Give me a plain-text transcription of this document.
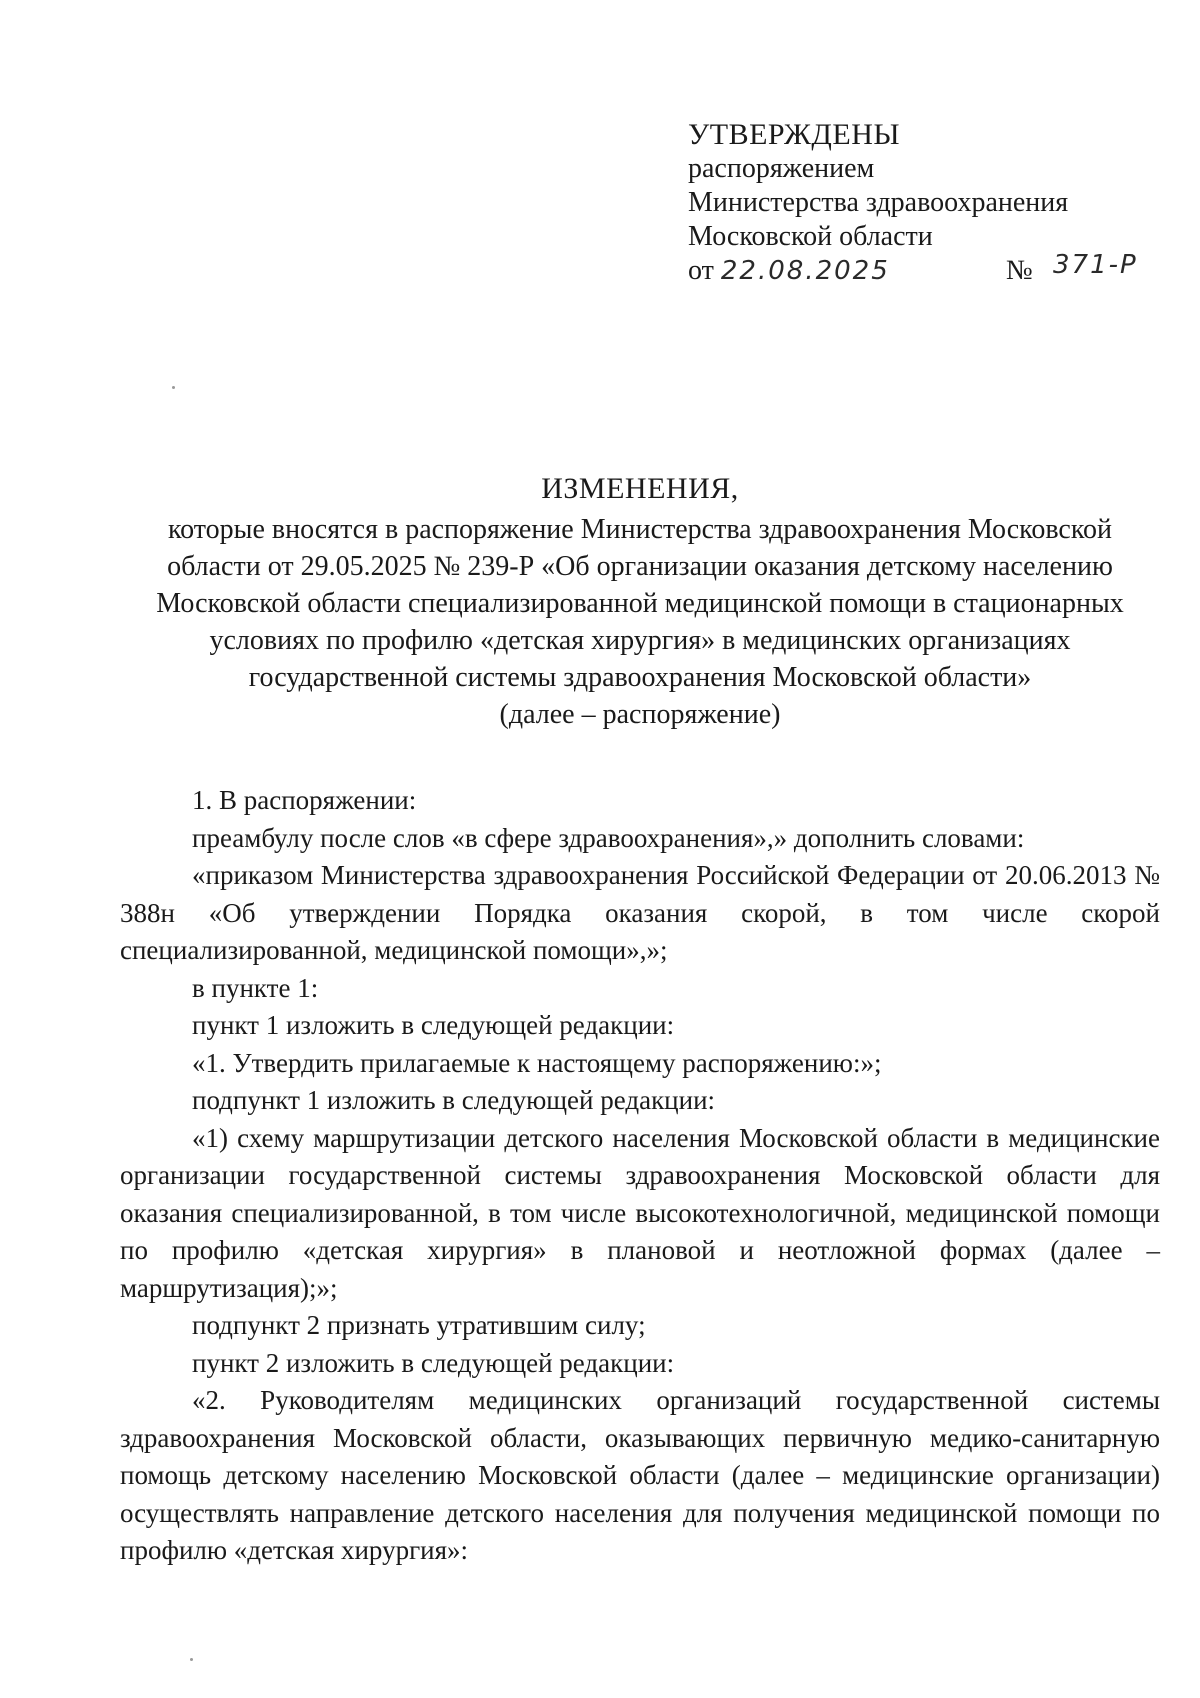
УТВЕРЖДЕНЫ
распоряжением
Министерства здравоохранения
Московской области
от 22.08.2025	№ 371-Р
ИЗМЕНЕНИЯ,
которые вносятся в распоряжение Министерства здравоохранения Московской
области от 29.05.2025 № 239-Р «Об организации оказания детскому населению
Московской области специализированной медицинской помощи в стационарных
условиях по профилю «детская хирургия» в медицинских организациях
государственной системы здравоохранения Московской области»
(далее – распоряжение)

1. В распоряжении:

преамбулу после слов «в сфере здравоохранения»,» дополнить словами:

«приказом Министерства здравоохранения Российской Федерации от 20.06.2013 № 388н «Об утверждении Порядка оказания скорой, в том числе скорой специализированной, медицинской помощи»,»;

в пункте 1:

пункт 1 изложить в следующей редакции:

«1. Утвердить прилагаемые к настоящему распоряжению:»;

подпункт 1 изложить в следующей редакции:

«1) схему маршрутизации детского населения Московской области в медицинские организации государственной системы здравоохранения Московской области для оказания специализированной, в том числе высокотехнологичной, медицинской помощи по профилю «детская хирургия» в плановой и неотложной формах (далее – маршрутизация);»;

подпункт 2 признать утратившим силу;

пункт 2 изложить в следующей редакции:

«2. Руководителям медицинских организаций государственной системы здравоохранения Московской области, оказывающих первичную медико-санитарную помощь детскому населению Московской области (далее – медицинские организации) осуществлять направление детского населения для получения медицинской помощи по профилю «детская хирургия»:
